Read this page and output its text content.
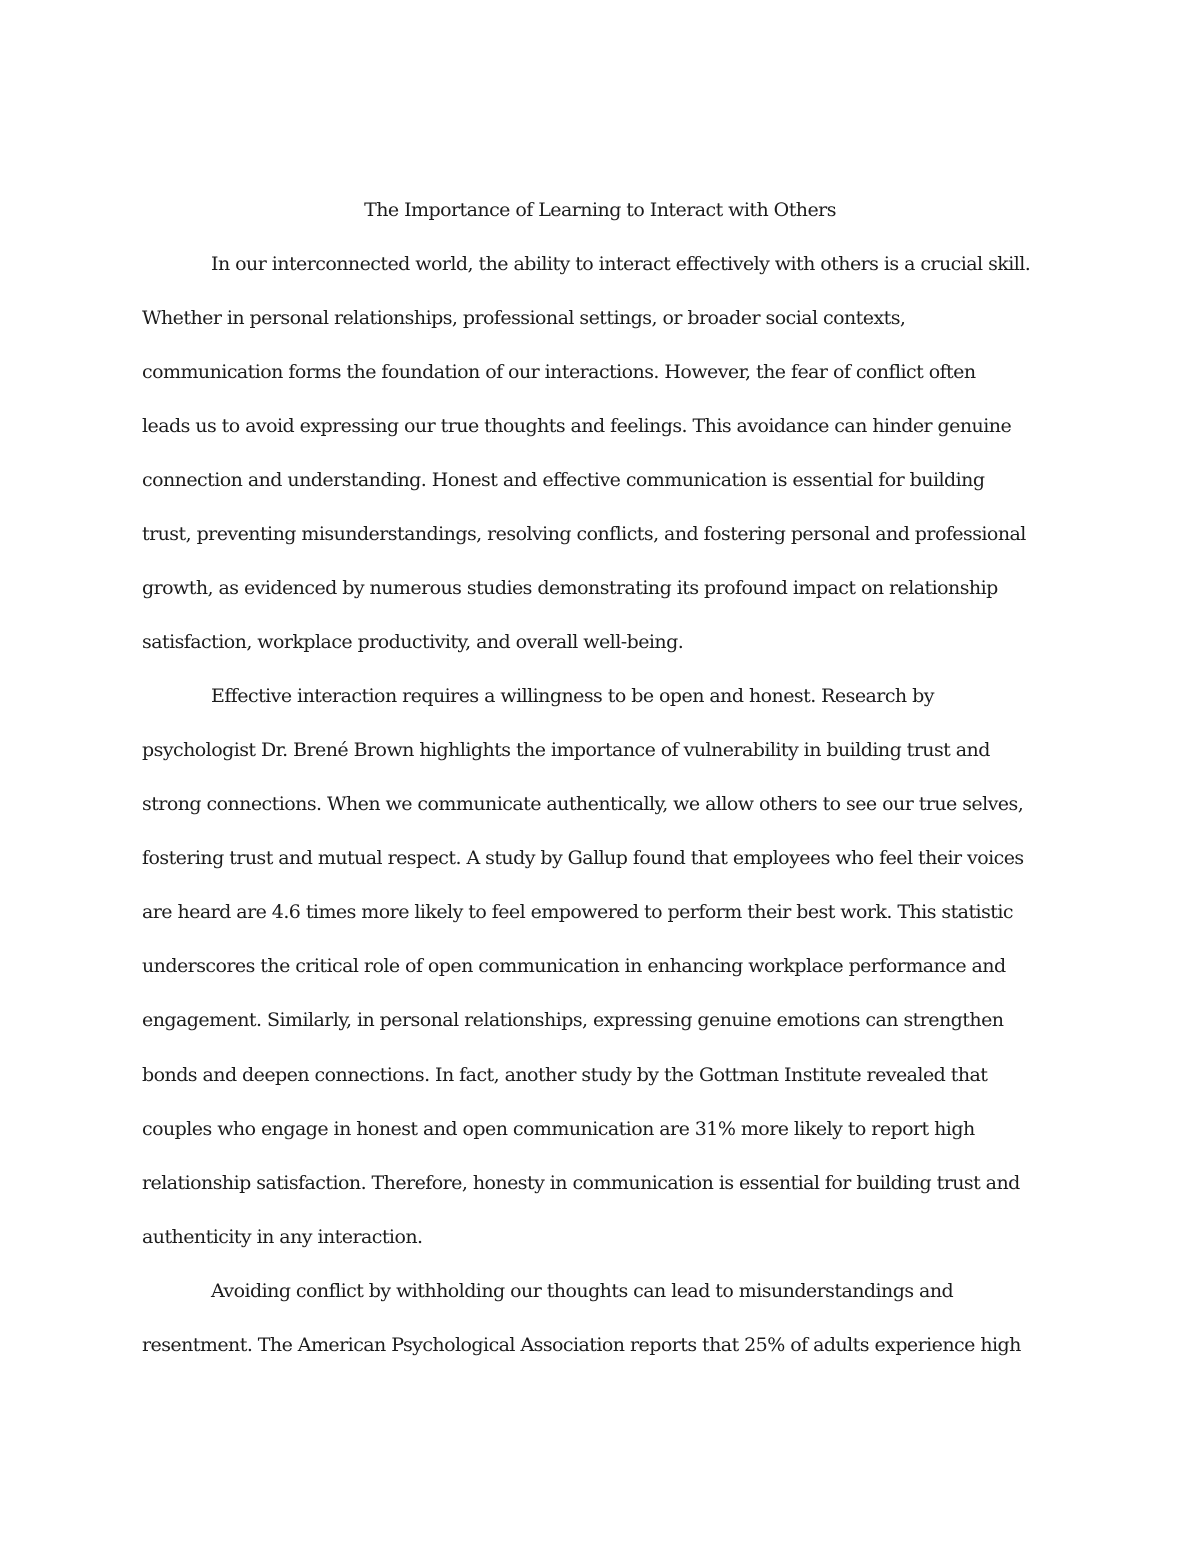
The Importance of Learning to Interact with Others
In our interconnected world, the ability to interact effectively with others is a crucial skill.
Whether in personal relationships, professional settings, or broader social contexts,
communication forms the foundation of our interactions. However, the fear of conflict often
leads us to avoid expressing our true thoughts and feelings. This avoidance can hinder genuine
connection and understanding. Honest and effective communication is essential for building
trust, preventing misunderstandings, resolving conflicts, and fostering personal and professional
growth, as evidenced by numerous studies demonstrating its profound impact on relationship
satisfaction, workplace productivity, and overall well-being.
Effective interaction requires a willingness to be open and honest. Research by
psychologist Dr. Brené Brown highlights the importance of vulnerability in building trust and
strong connections. When we communicate authentically, we allow others to see our true selves,
fostering trust and mutual respect. A study by Gallup found that employees who feel their voices
are heard are 4.6 times more likely to feel empowered to perform their best work. This statistic
underscores the critical role of open communication in enhancing workplace performance and
engagement. Similarly, in personal relationships, expressing genuine emotions can strengthen
bonds and deepen connections. In fact, another study by the Gottman Institute revealed that
couples who engage in honest and open communication are 31% more likely to report high
relationship satisfaction. Therefore, honesty in communication is essential for building trust and
authenticity in any interaction.
Avoiding conflict by withholding our thoughts can lead to misunderstandings and
resentment. The American Psychological Association reports that 25% of adults experience high
